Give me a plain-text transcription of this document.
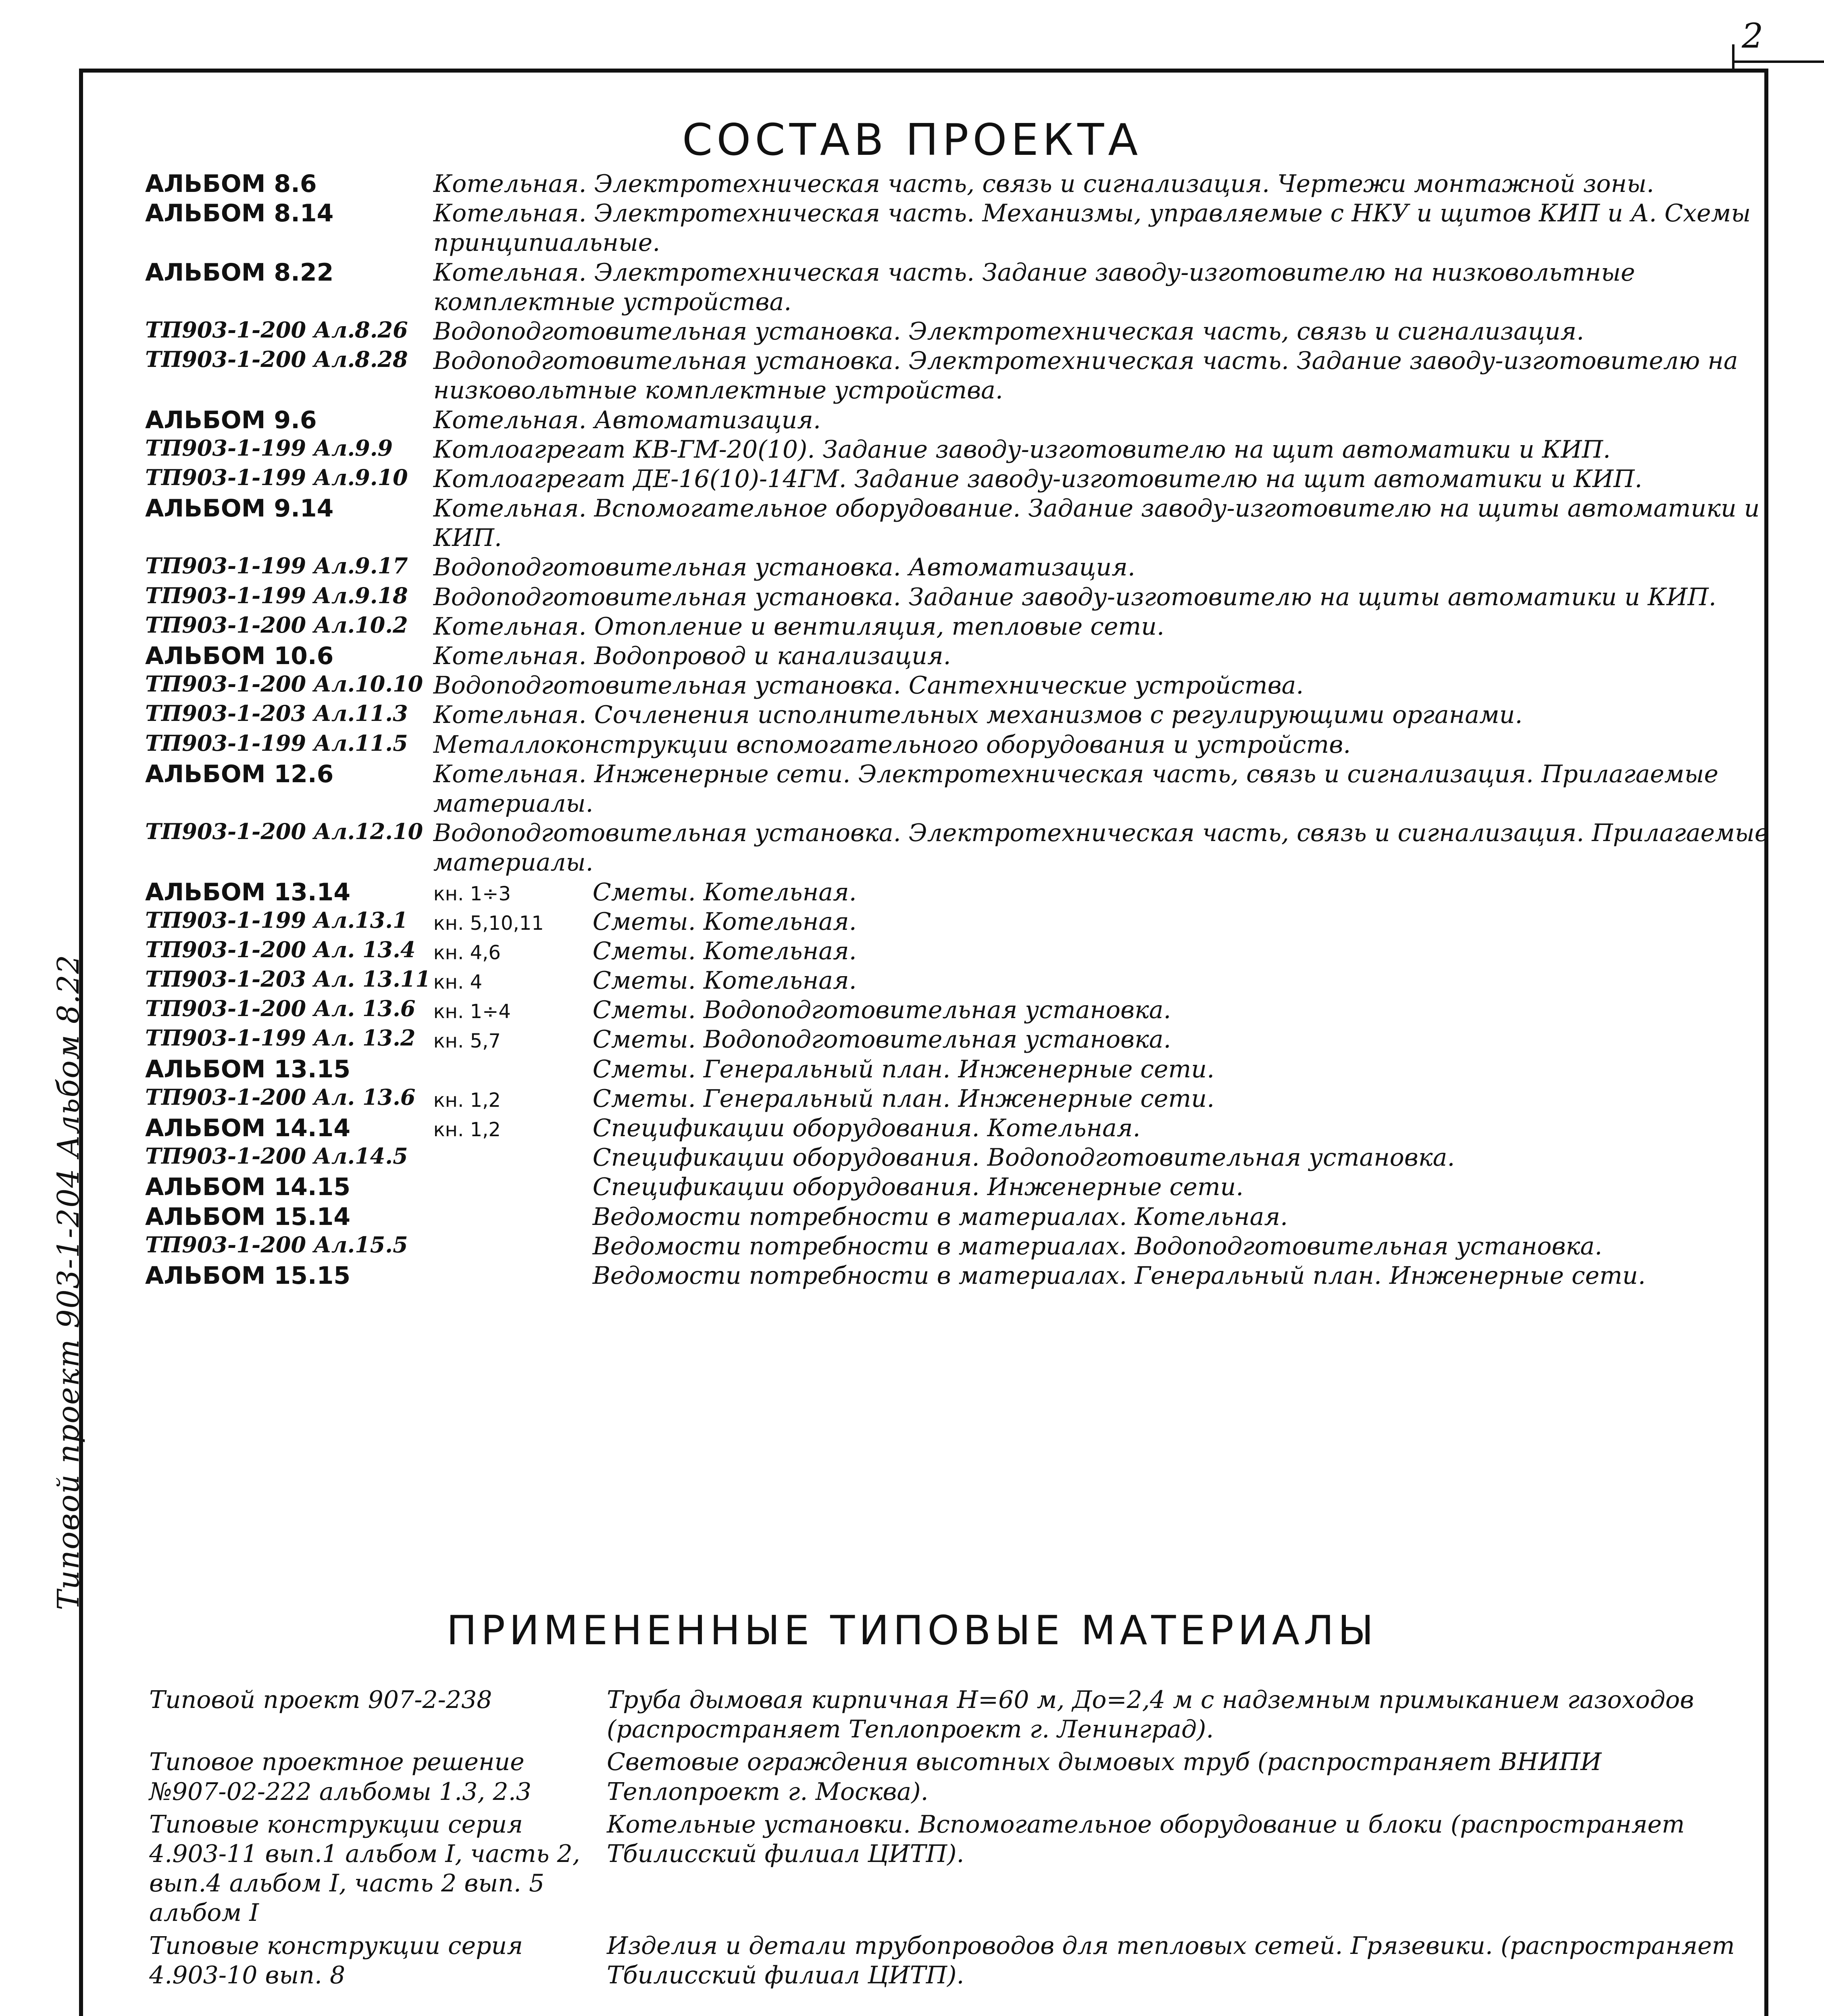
2
Типовой проект 903-1-204 Альбом 8.22
СОСТАВ ПРОЕКТА
АЛЬБОМ 8.6	Котельная. Электротехническая часть, связь и сигнализация. Чертежи монтажной зоны.
АЛЬБОМ 8.14	Котельная. Электротехническая часть. Механизмы, управляемые с НКУ и щитов КИП и А. Схемы принципиальные.
АЛЬБОМ 8.22	Котельная. Электротехническая часть. Задание заводу-изготовителю на низковольтные комплектные устройства.
ТП903-1-200 Ал.8.26	Водоподготовительная установка. Электротехническая часть, связь и сигнализация.
ТП903-1-200 Ал.8.28	Водоподготовительная установка. Электротехническая часть. Задание заводу-изготовителю на низковольтные комплектные устройства.
АЛЬБОМ 9.6	Котельная. Автоматизация.
ТП903-1-199 Ал.9.9	Котлоагрегат КВ-ГМ-20(10). Задание заводу-изготовителю на щит автоматики и КИП.
ТП903-1-199 Ал.9.10	Котлоагрегат ДЕ-16(10)-14ГМ. Задание заводу-изготовителю на щит автоматики и КИП.
АЛЬБОМ 9.14	Котельная. Вспомогательное оборудование. Задание заводу-изготовителю на щиты автоматики и КИП.
ТП903-1-199 Ал.9.17	Водоподготовительная установка. Автоматизация.
ТП903-1-199 Ал.9.18	Водоподготовительная установка. Задание заводу-изготовителю на щиты автоматики и КИП.
ТП903-1-200 Ал.10.2	Котельная. Отопление и вентиляция, тепловые сети.
АЛЬБОМ 10.6	Котельная. Водопровод и канализация.
ТП903-1-200 Ал.10.10	Водоподготовительная установка. Сантехнические устройства.
ТП903-1-203 Ал.11.3	Котельная. Сочленения исполнительных механизмов с регулирующими органами.
ТП903-1-199 Ал.11.5	Металлоконструкции вспомогательного оборудования и устройств.
АЛЬБОМ 12.6	Котельная. Инженерные сети. Электротехническая часть, связь и сигнализация. Прилагаемые материалы.
ТП903-1-200 Ал.12.10	Водоподготовительная установка. Электротехническая часть, связь и сигнализация. Прилагаемые материалы.
АЛЬБОМ 13.14	кн. 1÷3 Сметы. Котельная.
ТП903-1-199 Ал.13.1	кн. 5,10,11 Сметы. Котельная.
ТП903-1-200 Ал. 13.4	кн. 4,6 Сметы. Котельная.
ТП903-1-203 Ал. 13.11	кн. 4 Сметы. Котельная.
ТП903-1-200 Ал. 13.6	кн. 1÷4 Сметы. Водоподготовительная установка.
ТП903-1-199 Ал. 13.2	кн. 5,7 Сметы. Водоподготовительная установка.
АЛЬБОМ 13.15	Сметы. Генеральный план. Инженерные сети.
ТП903-1-200 Ал. 13.6	кн. 1,2 Сметы. Генеральный план. Инженерные сети.
АЛЬБОМ 14.14	кн. 1,2 Спецификации оборудования. Котельная.
ТП903-1-200 Ал.14.5	Спецификации оборудования. Водоподготовительная установка.
АЛЬБОМ 14.15	Спецификации оборудования. Инженерные сети.
АЛЬБОМ 15.14	Ведомости потребности в материалах. Котельная.
ТП903-1-200 Ал.15.5	Ведомости потребности в материалах. Водоподготовительная установка.
АЛЬБОМ 15.15	Ведомости потребности в материалах. Генеральный план. Инженерные сети.
ПРИМЕНЕННЫЕ ТИПОВЫЕ МАТЕРИАЛЫ
Типовой проект 907-2-238	Труба дымовая кирпичная Н=60 м, До=2,4 м с надземным примыканием газоходов (распространяет Теплопроект г. Ленинград).
Типовое проектное решение №907-02-222 альбомы 1.3, 2.3	Световые ограждения высотных дымовых труб (распространяет ВНИПИ Теплопроект г. Москва).
Типовые конструкции серия 4.903-11 вып.1 альбом I, часть 2, вып.4 альбом I, часть 2 вып. 5 альбом I	Котельные установки. Вспомогательное оборудование и блоки (распространяет Тбилисский филиал ЦИТП).
Типовые конструкции серия 4.903-10 вып. 8	Изделия и детали трубопроводов для тепловых сетей. Грязевики. (распространяет Тбилисский филиал ЦИТП).
